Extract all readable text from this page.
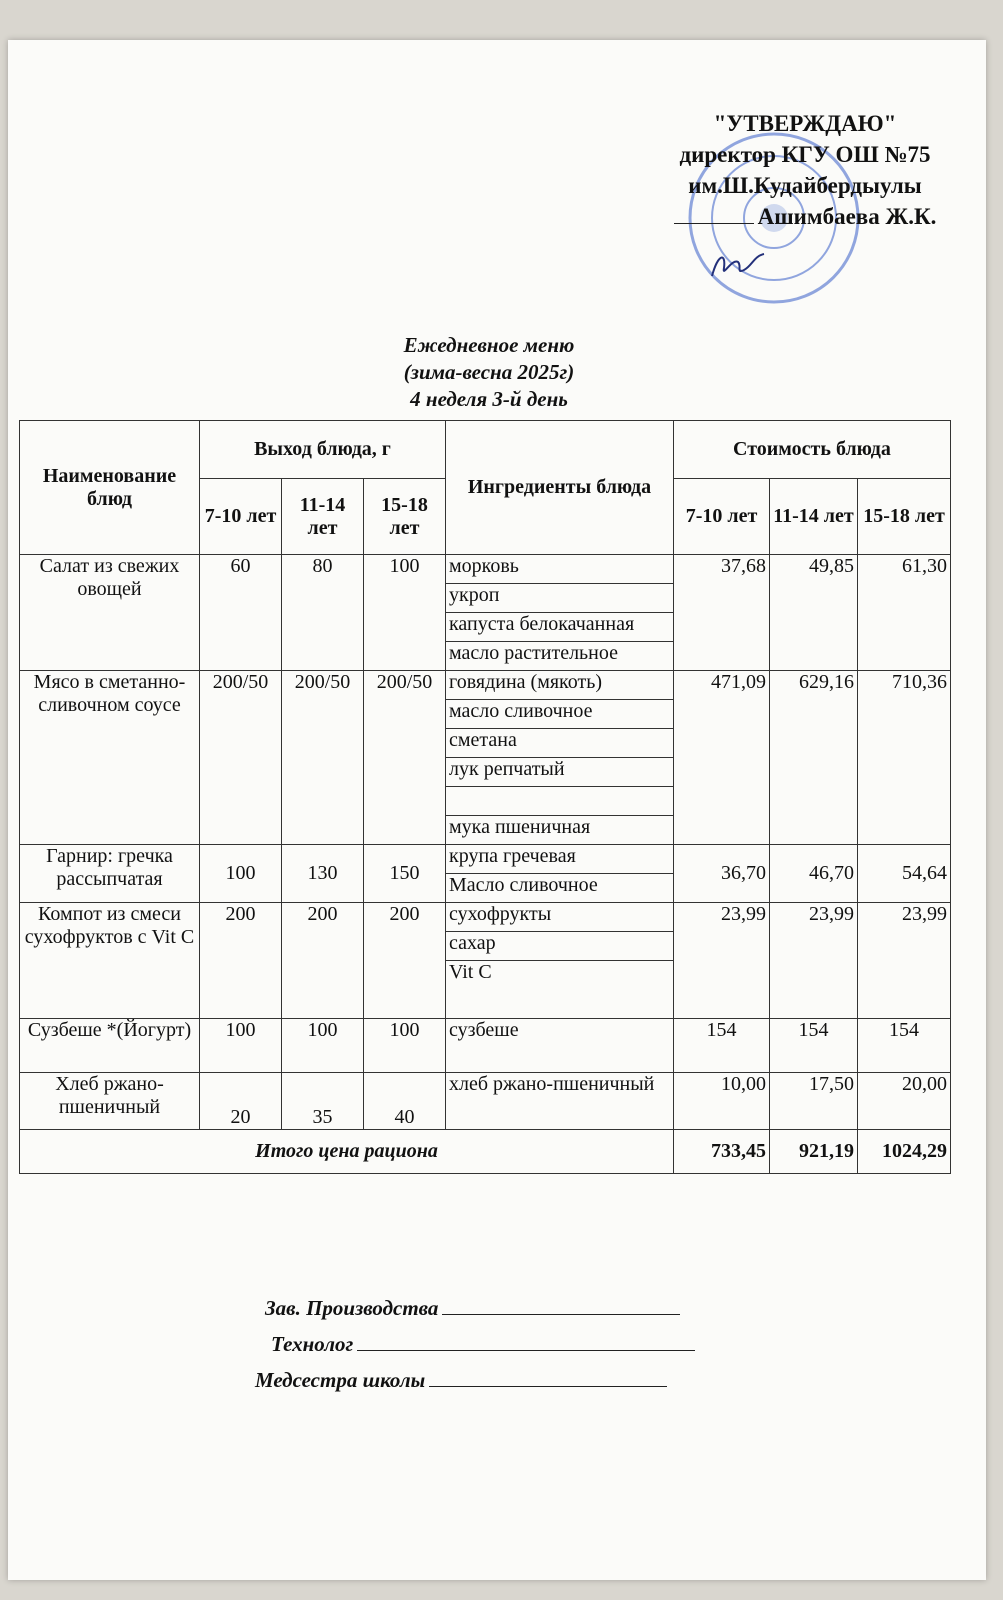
"УТВЕРЖДАЮ"
директор КГУ ОШ №75
им.Ш.Кудайбердыулы
Ашимбаева Ж.К.
Ежедневное меню
(зима-весна 2025г)
4 неделя 3-й день
Наименование блюд	Выход блюда, г			Ингредиенты блюда	Стоимость блюда		
	7-10 лет	11-14 лет	15-18 лет		7-10 лет	11-14 лет	15-18 лет
Салат из свежих овощей	60	80	100	морковь	37,68	49,85	61,30
				укроп			
				капуста белокачанная			
				масло растительное			
Мясо в сметанно-сливочном соусе	200/50	200/50	200/50	говядина (мякоть)	471,09	629,16	710,36
				масло сливочное			
				сметана			
				лук репчатый			

				мука пшеничная			
Гарнир: гречка рассыпчатая	100	130	150	крупа гречевая	36,70	46,70	54,64
				Масло сливочное			
Компот из смеси сухофруктов с Vit C	200	200	200	сухофрукты	23,99	23,99	23,99
				сахар			
				Vit C			
Сузбеше *(Йогурт)	100	100	100	сузбеше	154	154	154
Хлеб ржано-пшеничный	20	35	40	хлеб ржано-пшеничный	10,00	17,50	20,00
Итого цена рациона					733,45	921,19	1024,29
Зав. Производства
Технолог
Медсестра школы
